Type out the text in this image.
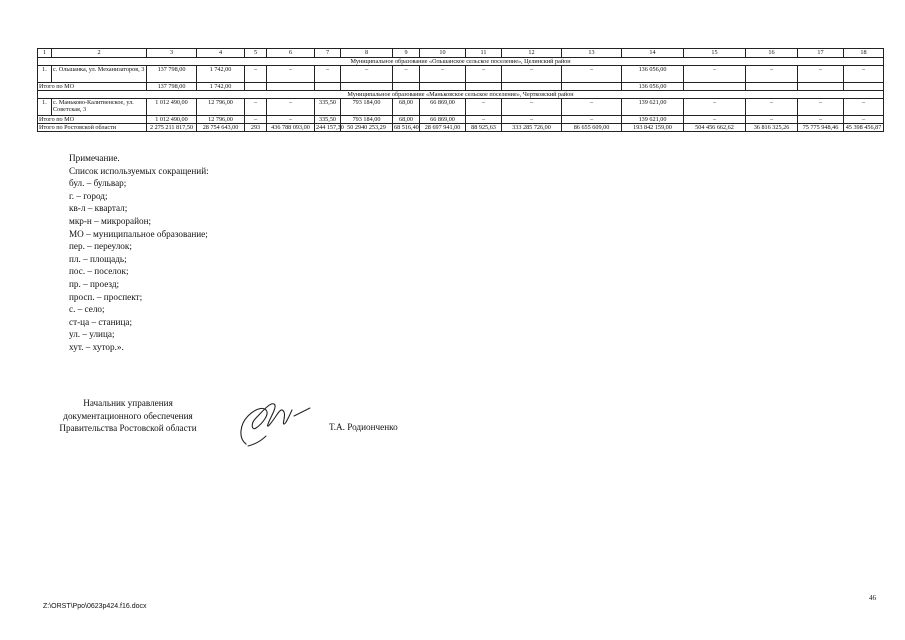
1	2	3	4	5	6	7	8	9	10	11	12	13	14	15	16	17	18
Муниципальное образование «Ольшанское сельское поселение», Целинский район																	
1.	с. Ольшанка, ул. Механизаторов, 3	137 798,00	1 742,00	–	–	–	–	–	–	–	–	–	136 056,00	–	–	–	–
Итого по МО		137 798,00	1 742,00										136 056,00				
Муниципальное образование «Маньковское сельское поселение», Чертковский район																	
1.	с. Маньково-Калитвенское, ул. Советская, 3	1 012 490,00	12 796,00	–	–	335,50	793 184,00	68,00	66 869,00	–	–	–	139 621,00	–	–	–	–
Итого по МО		1 012 490,00	12 796,00	–	–	335,50	793 184,00	68,00	66 869,00	–	–	–	139 621,00	–	–	–	–
Итого по Ростовской области		2 275 211 817,50	28 754 643,00	293	436 788 093,00	244 157,30	50 2940 253,29	68 516,40	28 697 941,00	88 925,63	333 285 726,00	86 655 609,00	193 842 159,00	504 456 662,62	36 816 325,26	75 775 948,46	45 398 456,87
Примечание.
Список используемых сокращений:
бул. – бульвар;
г. – город;
кв-л – квартал;
мкр-н – микрорайон;
МО – муниципальное образование;
пер. – переулок;
пл. – площадь;
пос. – поселок;
пр. – проезд;
просп. – проспект;
с. – село;
ст-ца – станица;
ул. – улица;
хут. – хутор.».
Начальник управления
документационного обеспечения
Правительства Ростовской области	Т.А. Родионченко
46
Z:\ORST\Ppo\0623p424.f16.docx
